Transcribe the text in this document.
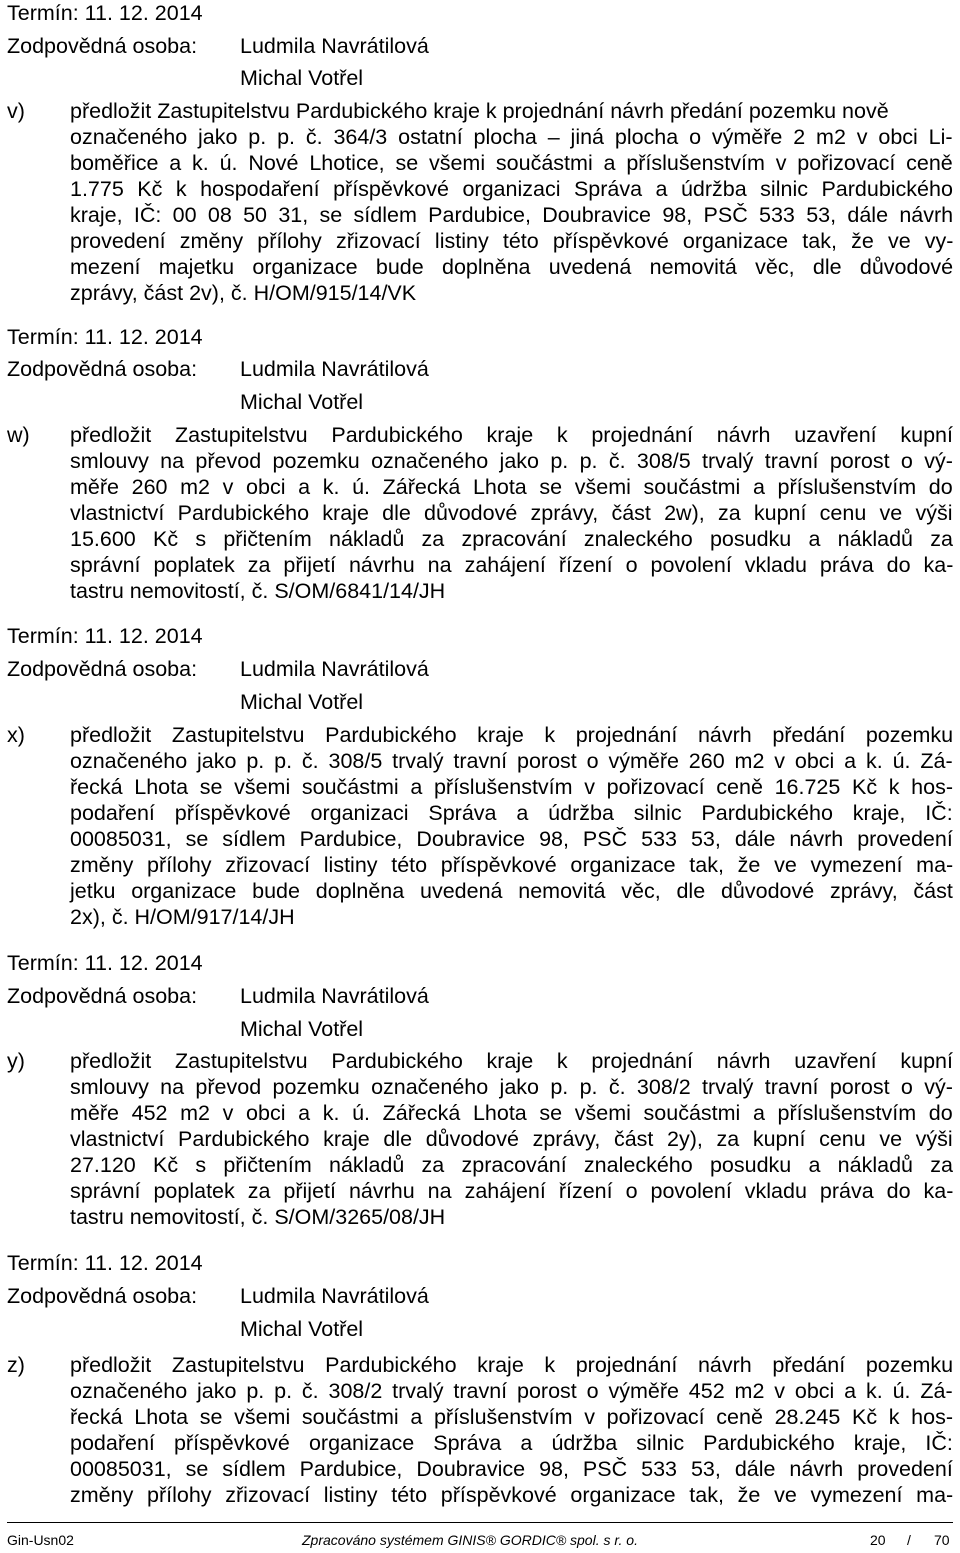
Termín: 11. 12. 2014
Zodpovědná osoba: Ludmila Navrátilová
Michal Votřel
v) předložit Zastupitelstvu Pardubického kraje k projednání návrh předání pozemku nově
označeného jako p. p. č. 364/3 ostatní plocha – jiná plocha o výměře 2 m2 v obci Li-
boměřice a k. ú. Nové Lhotice, se všemi součástmi a příslušenstvím v pořizovací ceně
1.775 Kč k hospodaření příspěvkové organizaci Správa a údržba silnic Pardubického
kraje, IČ: 00 08 50 31, se sídlem Pardubice, Doubravice 98, PSČ 533 53, dále návrh
provedení změny přílohy zřizovací listiny této příspěvkové organizace tak, že ve vy-
mezení majetku organizace bude doplněna uvedená nemovitá věc, dle důvodové
zprávy, část 2v), č. H/OM/915/14/VK
Termín: 11. 12. 2014
Zodpovědná osoba: Ludmila Navrátilová
Michal Votřel
w) předložit Zastupitelstvu Pardubického kraje k projednání návrh uzavření kupní
smlouvy na převod pozemku označeného jako p. p. č. 308/5 trvalý travní porost o vý-
měře 260 m2 v obci a k. ú. Zářecká Lhota se všemi součástmi a příslušenstvím do
vlastnictví Pardubického kraje dle důvodové zprávy, část 2w), za kupní cenu ve výši
15.600 Kč s přičtením nákladů za zpracování znaleckého posudku a nákladů za
správní poplatek za přijetí návrhu na zahájení řízení o povolení vkladu práva do ka-
tastru nemovitostí, č. S/OM/6841/14/JH
Termín: 11. 12. 2014
Zodpovědná osoba: Ludmila Navrátilová
Michal Votřel
x) předložit Zastupitelstvu Pardubického kraje k projednání návrh předání pozemku
označeného jako p. p. č. 308/5 trvalý travní porost o výměře 260 m2 v obci a k. ú. Zá-
řecká Lhota se všemi součástmi a příslušenstvím v pořizovací ceně 16.725 Kč k hos-
podaření příspěvkové organizaci Správa a údržba silnic Pardubického kraje, IČ:
00085031, se sídlem Pardubice, Doubravice 98, PSČ 533 53, dále návrh provedení
změny přílohy zřizovací listiny této příspěvkové organizace tak, že ve vymezení ma-
jetku organizace bude doplněna uvedená nemovitá věc, dle důvodové zprávy, část
2x), č. H/OM/917/14/JH
Termín: 11. 12. 2014
Zodpovědná osoba: Ludmila Navrátilová
Michal Votřel
y) předložit Zastupitelstvu Pardubického kraje k projednání návrh uzavření kupní
smlouvy na převod pozemku označeného jako p. p. č. 308/2 trvalý travní porost o vý-
měře 452 m2 v obci a k. ú. Zářecká Lhota se všemi součástmi a příslušenstvím do
vlastnictví Pardubického kraje dle důvodové zprávy, část 2y), za kupní cenu ve výši
27.120 Kč s přičtením nákladů za zpracování znaleckého posudku a nákladů za
správní poplatek za přijetí návrhu na zahájení řízení o povolení vkladu práva do ka-
tastru nemovitostí, č. S/OM/3265/08/JH
Termín: 11. 12. 2014
Zodpovědná osoba: Ludmila Navrátilová
Michal Votřel
z) předložit Zastupitelstvu Pardubického kraje k projednání návrh předání pozemku
označeného jako p. p. č. 308/2 trvalý travní porost o výměře 452 m2 v obci a k. ú. Zá-
řecká Lhota se všemi součástmi a příslušenstvím v pořizovací ceně 28.245 Kč k hos-
podaření příspěvkové organizace Správa a údržba silnic Pardubického kraje, IČ:
00085031, se sídlem Pardubice, Doubravice 98, PSČ 533 53, dále návrh provedení
změny přílohy zřizovací listiny této příspěvkové organizace tak, že ve vymezení ma-
Gin-Usn02	Zpracováno systémem GINIS® GORDIC® spol. s r. o.	20 / 70
